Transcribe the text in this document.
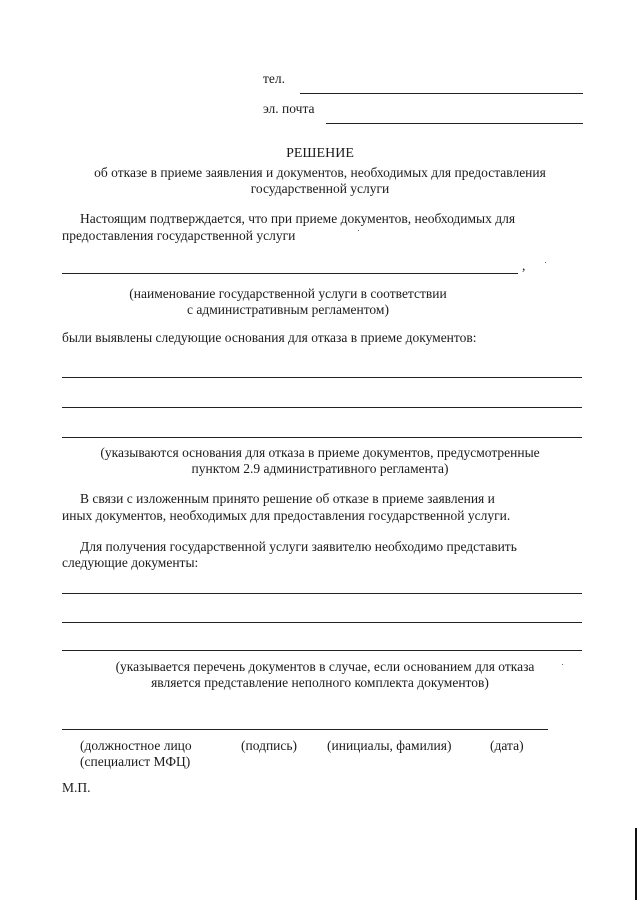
тел.
эл. почта
РЕШЕНИЕ
об отказе в приеме заявления и документов, необходимых для предоставления
государственной услуги
Настоящим подтверждается, что при приеме документов, необходимых для
предоставления государственной услуги
,
(наименование государственной услуги в соответствии
с административным регламентом)
были выявлены следующие основания для отказа в приеме документов:
(указываются основания для отказа в приеме документов, предусмотренные
пунктом 2.9 административного регламента)
В связи с изложенным принято решение об отказе в приеме заявления и
иных документов, необходимых для предоставления государственной услуги.
Для получения государственной услуги заявителю необходимо представить
следующие документы:
(указывается перечень документов в случае, если основанием для отказа
является представление неполного комплекта документов)
(должностное лицо
(специалист МФЦ)
(подпись) (инициалы, фамилия)	(дата)
М.П.
